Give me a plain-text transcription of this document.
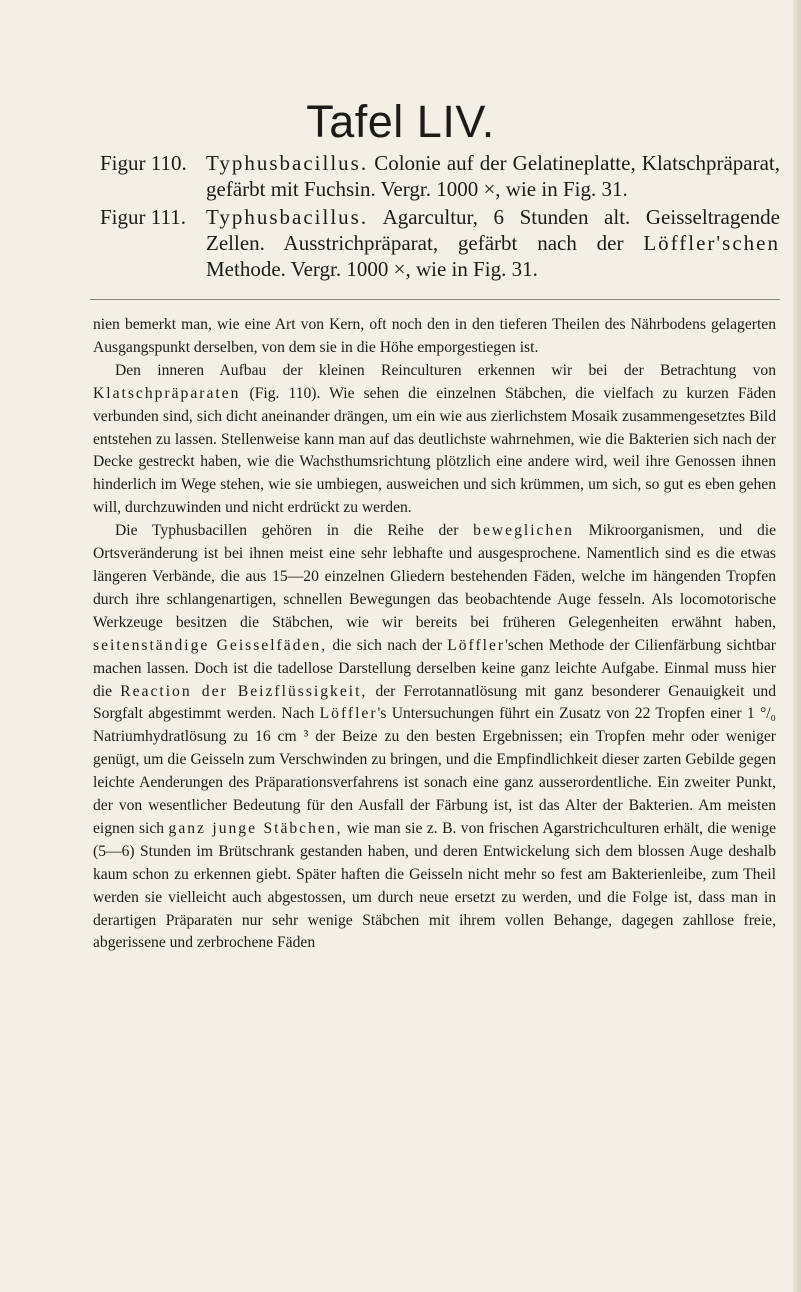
Tafel LIV.
Figur 110. Typhusbacillus. Colonie auf der Gelatineplatte, Klatschpräparat, gefärbt mit Fuchsin. Vergr. 1000 ×, wie in Fig. 31.
Figur 111. Typhusbacillus. Agarcultur, 6 Stunden alt. Geisseltragende Zellen. Ausstrichpräparat, gefärbt nach der Löffler'schen Methode. Vergr. 1000 ×, wie in Fig. 31.

nien bemerkt man, wie eine Art von Kern, oft noch den in den tieferen Theilen des Nährbodens gelagerten Ausgangspunkt derselben, von dem sie in die Höhe emporgestiegen ist.

Den inneren Aufbau der kleinen Reinculturen erkennen wir bei der Betrachtung von Klatschpräparaten (Fig. 110). Wie sehen die einzelnen Stäbchen, die vielfach zu kurzen Fäden verbunden sind, sich dicht aneinander drängen, um ein wie aus zierlichstem Mosaik zusammengesetztes Bild entstehen zu lassen. Stellenweise kann man auf das deutlichste wahrnehmen, wie die Bakterien sich nach der Decke gestreckt haben, wie die Wachsthumsrichtung plötzlich eine andere wird, weil ihre Genossen ihnen hinderlich im Wege stehen, wie sie umbiegen, ausweichen und sich krümmen, um sich, so gut es eben gehen will, durchzuwinden und nicht erdrückt zu werden.

Die Typhusbacillen gehören in die Reihe der beweglichen Mikroorganismen, und die Ortsveränderung ist bei ihnen meist eine sehr lebhafte und ausgesprochene. Namentlich sind es die etwas längeren Verbände, die aus 15—20 einzelnen Gliedern bestehenden Fäden, welche im hängenden Tropfen durch ihre schlangenartigen, schnellen Bewegungen das beobachtende Auge fesseln. Als locomotorische Werkzeuge besitzen die Stäbchen, wie wir bereits bei früheren Gelegenheiten erwähnt haben, seitenständige Geisselfäden, die sich nach der Löffler'schen Methode der Cilienfärbung sichtbar machen lassen. Doch ist die tadellose Darstellung derselben keine ganz leichte Aufgabe. Einmal muss hier die Reaction der Beizflüssigkeit, der Ferrotannatlösung mit ganz besonderer Genauigkeit und Sorgfalt abgestimmt werden. Nach Löffler's Untersuchungen führt ein Zusatz von 22 Tropfen einer 1 °/₀ Natriumhydratlösung zu 16 cm ³ der Beize zu den besten Ergebnissen; ein Tropfen mehr oder weniger genügt, um die Geisseln zum Verschwinden zu bringen, und die Empfindlichkeit dieser zarten Gebilde gegen leichte Aenderungen des Präparationsverfahrens ist sonach eine ganz ausserordentliche. Ein zweiter Punkt, der von wesentlicher Bedeutung für den Ausfall der Färbung ist, ist das Alter der Bakterien. Am meisten eignen sich ganz junge Stäbchen, wie man sie z. B. von frischen Agarstrichculturen erhält, die wenige (5—6) Stunden im Brütschrank gestanden haben, und deren Entwickelung sich dem blossen Auge deshalb kaum schon zu erkennen giebt. Später haften die Geisseln nicht mehr so fest am Bakterienleibe, zum Theil werden sie vielleicht auch abgestossen, um durch neue ersetzt zu werden, und die Folge ist, dass man in derartigen Präparaten nur sehr wenige Stäbchen mit ihrem vollen Behange, dagegen zahllose freie, abgerissene und zerbrochene Fäden
